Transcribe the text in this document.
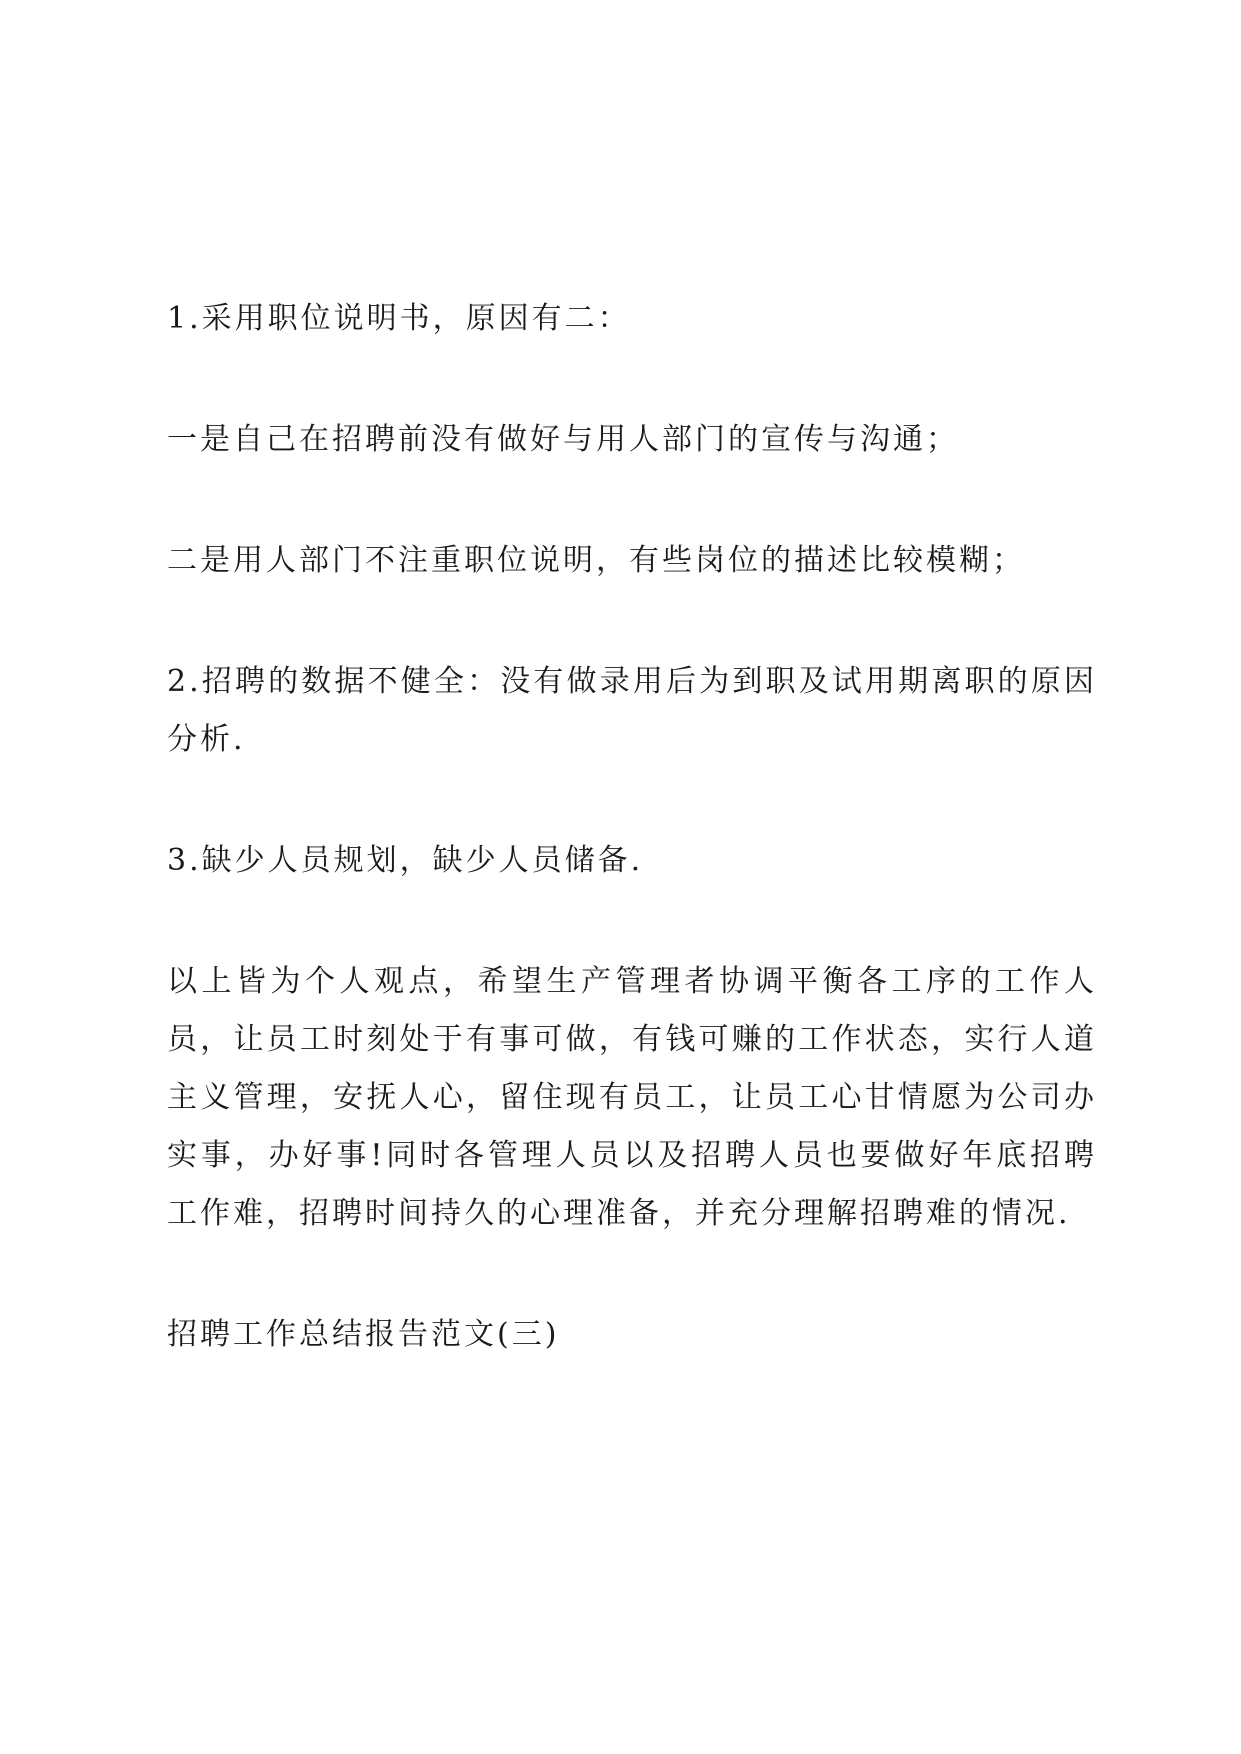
1.采用职位说明书，原因有二：

一是自己在招聘前没有做好与用人部门的宣传与沟通；

二是用人部门不注重职位说明，有些岗位的描述比较模糊；

2.招聘的数据不健全：没有做录用后为到职及试用期离职的原因分析.

3.缺少人员规划，缺少人员储备.

以上皆为个人观点，希望生产管理者协调平衡各工序的工作人员，让员工时刻处于有事可做，有钱可赚的工作状态，实行人道主义管理，安抚人心，留住现有员工，让员工心甘情愿为公司办实事，办好事!同时各管理人员以及招聘人员也要做好年底招聘工作难，招聘时间持久的心理准备，并充分理解招聘难的情况.

招聘工作总结报告范文(三)
